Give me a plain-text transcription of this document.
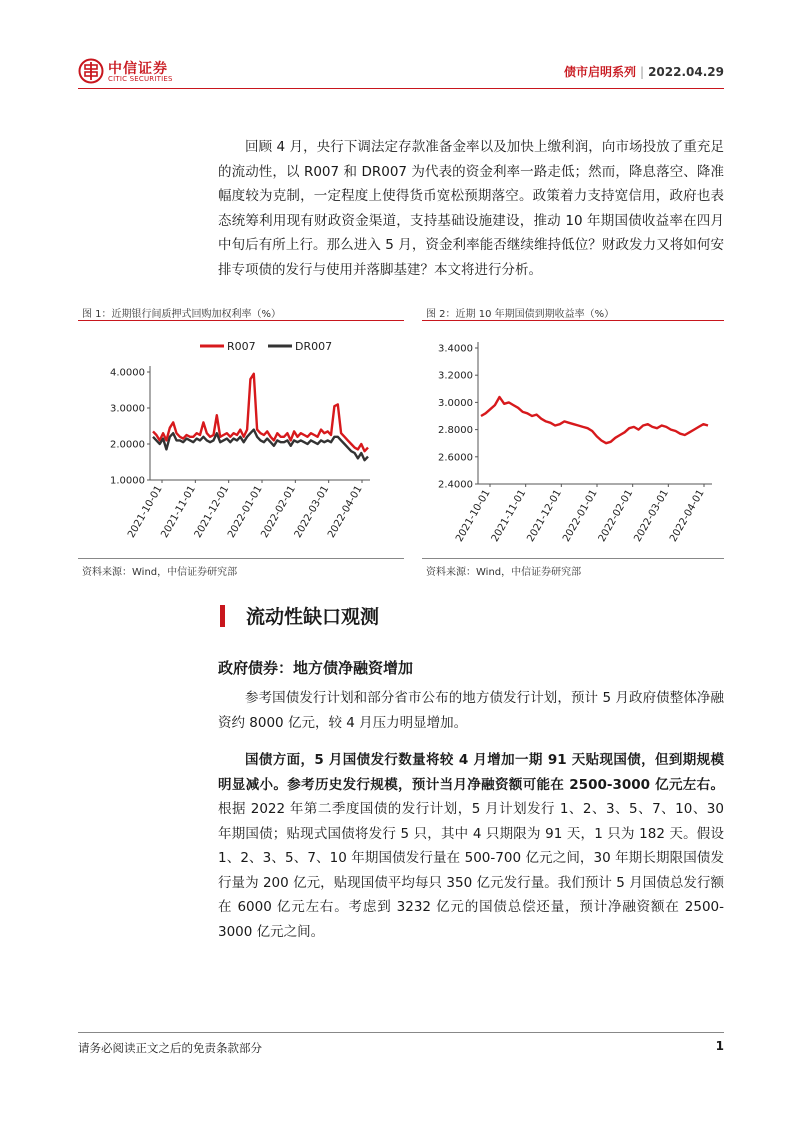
中信证券
CITIC SECURITIES	债市启明系列 | 2022.04.29

回顾 4 月，央行下调法定存款准备金率以及加快上缴利润，向市场投放了重充足的流动性，以 R007 和 DR007 为代表的资金利率一路走低；然而，降息落空、降准幅度较为克制，一定程度上使得货币宽松预期落空。政策着力支持宽信用，政府也表态统筹利用现有财政资金渠道，支持基础设施建设，推动 10 年期国债收益率在四月中旬后有所上行。那么进入 5 月，资金利率能否继续维持低位？财政发力又将如何安排专项债的发行与使用并落脚基建？本文将进行分析。

图 1：近期银行间质押式回购加权利率（%）
1.0000
2.0000
3.0000
4.0000
2021-10-01
2021-11-01
2021-12-01
2022-01-01
2022-02-01
2022-03-01
2022-04-01
R007	DR007
资料来源：Wind，中信证券研究部
图 2：近期 10 年期国债到期收益率（%）
2.4000
2.6000
2.8000
3.0000
3.2000
3.4000
2021-10-01
2021-11-01
2021-12-01
2022-01-01
2022-02-01
2022-03-01
2022-04-01
资料来源：Wind，中信证券研究部
流动性缺口观测
政府债券：地方债净融资增加

参考国债发行计划和部分省市公布的地方债发行计划，预计 5 月政府债整体净融资约 8000 亿元，较 4 月压力明显增加。

国债方面，5 月国债发行数量将较 4 月增加一期 91 天贴现国债，但到期规模明显减小。参考历史发行规模，预计当月净融资额可能在 2500-3000 亿元左右。根据 2022 年第二季度国债的发行计划，5 月计划发行 1、2、3、5、7、10、30 年期国债；贴现式国债将发行 5 只，其中 4 只期限为 91 天，1 只为 182 天。假设 1、2、3、5、7、10 年期国债发行量在 500-700 亿元之间，30 年期长期限国债发行量为 200 亿元，贴现国债平均每只 350 亿元发行量。我们预计 5 月国债总发行额在 6000 亿元左右。考虑到 3232 亿元的国债总偿还量，预计净融资额在 2500-3000 亿元之间。

请务必阅读正文之后的免责条款部分	1
